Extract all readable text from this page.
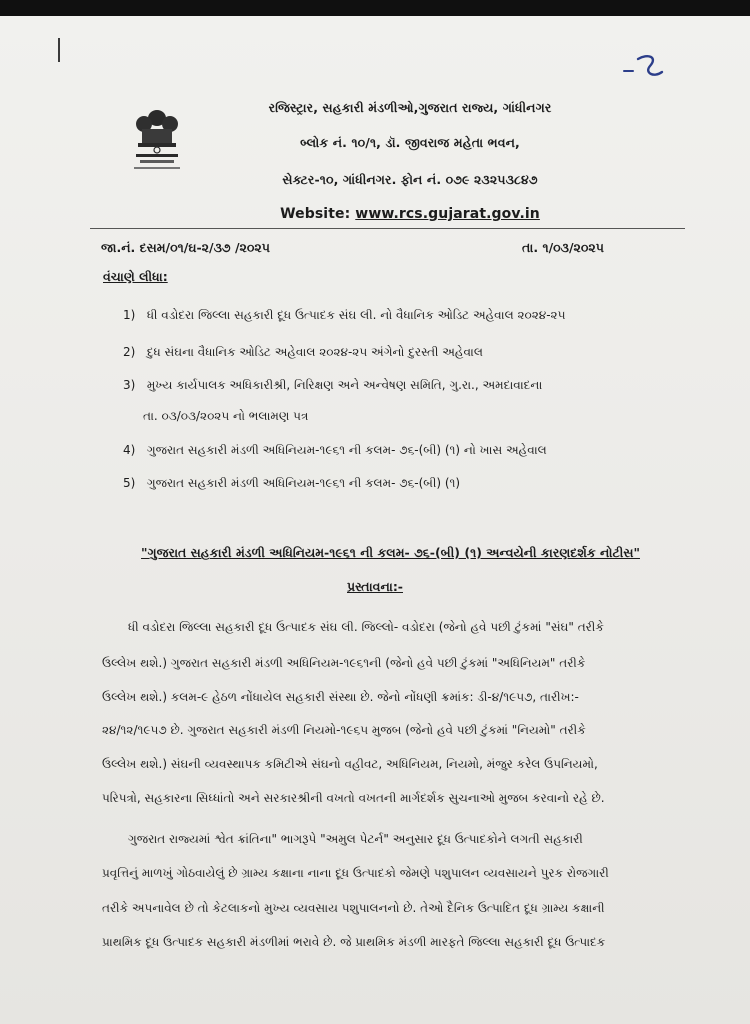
રજિસ્ટ્રાર, સહકારી મંડળીઓ,ગુજરાત રાજ્ય, ગાંધીનગર
બ્લોક નં. ૧૦/૧, ડૉ. જીવરાજ મહેતા ભવન,
સેક્ટર-૧૦, ગાંધીનગર. ફોન નં. ૦૭૯ ૨૩૨૫૩૮૪૭
Website: www.rcs.gujarat.gov.in
જા.નં. દસમ/૦૧/ઘ-૨/૩૭ /૨૦૨૫	તા. ૧/૦૩/૨૦૨૫
વંચાણે લીધા:
1) ધી વડોદરા જિલ્લા સહકારી દૂધ ઉત્પાદક સંઘ લી. નો વૈધાનિક ઓડિટ અહેવાલ ૨૦૨૪-૨૫
2) દુધ સંઘના વૈધાનિક ઓડિટ અહેવાલ ૨૦૨૪-૨૫ અંગેનો દુરસ્તી અહેવાલ
3) મુખ્ય કાર્યપાલક અધિકારીશ્રી, નિરિક્ષણ અને અન્વેષણ સમિતિ, ગુ.રા., અમદાવાદના
તા. ૦૩/૦૩/૨૦૨૫ નો ભલામણ પત્ર
4) ગુજરાત સહકારી મંડળી અધિનિયમ-૧૯૬૧ ની કલમ- ૭૬-(બી) (૧) નો ખાસ અહેવાલ
5) ગુજરાત સહકારી મંડળી અધિનિયમ-૧૯૬૧ ની કલમ- ૭૬-(બી) (૧)
"ગુજરાત સહકારી મંડળી અધિનિયમ-૧૯૬૧ ની કલમ- ૭૬-(બી) (૧) અન્વયેની કારણદર્શક નોટીસ"
પ્રસ્તાવના:-
ધી વડોદરા જિલ્લા સહકારી દૂધ ઉત્પાદક સંઘ લી. જિલ્લો- વડોદરા (જેનો હવે પછી ટુંકમાં "સંઘ" તરીકે
ઉલ્લેખ થશે.) ગુજરાત સહકારી મંડળી અધિનિયમ-૧૯૬૧ની (જેનો હવે પછી ટુંકમાં "અધિનિયમ" તરીકે
ઉલ્લેખ થશે.) કલમ-૯ હેઠળ નોંધાયેલ સહકારી સંસ્થા છે. જેનો નોંધણી ક્રમાંક: ડી-૪/૧૯૫૭, તારીખ:-
૨૪/૧૨/૧૯૫૭ છે. ગુજરાત સહકારી મંડળી નિયમો-૧૯૬૫ મુજબ (જેનો હવે પછી ટુંકમાં "નિયમો" તરીકે
ઉલ્લેખ થશે.) સંઘની વ્યવસ્થાપક કમિટીએ સંઘનો વહીવટ, અધિનિયમ, નિયમો, મંજુર કરેલ ઉપનિયમો,
પરિપત્રો, સહકારના સિધ્ધાંતો અને સરકારશ્રીની વખતો વખતની માર્ગદર્શક સુચનાઓ મુજબ કરવાનો રહે છે.
ગુજરાત રાજ્યમાં શ્વેત ક્રાંતિના" ભાગરૂપે "અમુલ પેટર્ન" અનુસાર દૂધ ઉત્પાદકોને લગતી સહકારી
પ્રવૃત્તિનું માળખું ગોઠવાયેલું છે ગ્રામ્ય કક્ષાના નાના દૂધ ઉત્પાદકો જેમણે પશુપાલન વ્યવસાયને પુરક રોજગારી
તરીકે અપનાવેલ છે તો કેટલાકનો મુખ્ય વ્યવસાય પશુપાલનનો છે. તેઓ દૈનિક ઉત્પાદિત દૂધ ગ્રામ્ય કક્ષાની
પ્રાથમિક દૂધ ઉત્પાદક સહકારી મંડળીમાં ભરાવે છે. જે પ્રાથમિક મંડળી મારફતે જિલ્લા સહકારી દૂધ ઉત્પાદક
